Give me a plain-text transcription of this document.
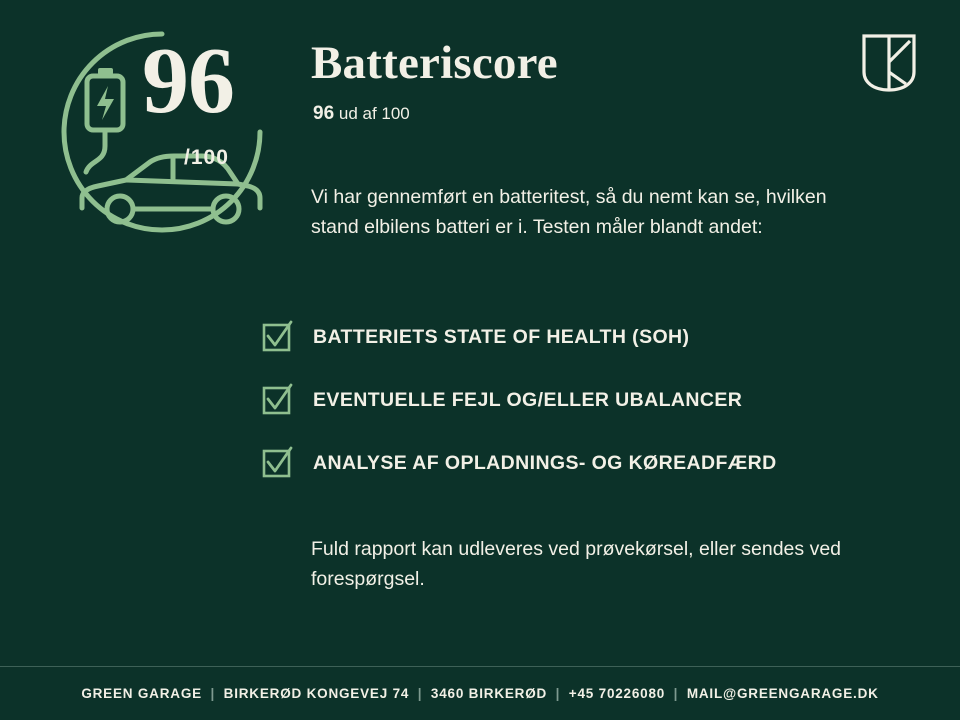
96
/100
Batteriscore
96 ud af 100
Vi har gennemført en batteritest, så du nemt kan se, hvilken stand elbilens batteri er i. Testen måler blandt andet:
BATTERIETS STATE OF HEALTH (SOH)
EVENTUELLE FEJL OG/ELLER UBALANCER
ANALYSE AF OPLADNINGS- OG KØREADFÆRD
Fuld rapport kan udleveres ved prøvekørsel, eller sendes ved forespørgsel.
GREEN GARAGE | BIRKERØD KONGEVEJ 74 | 3460 BIRKERØD | +45 70226080 | MAIL@GREENGARAGE.DK
